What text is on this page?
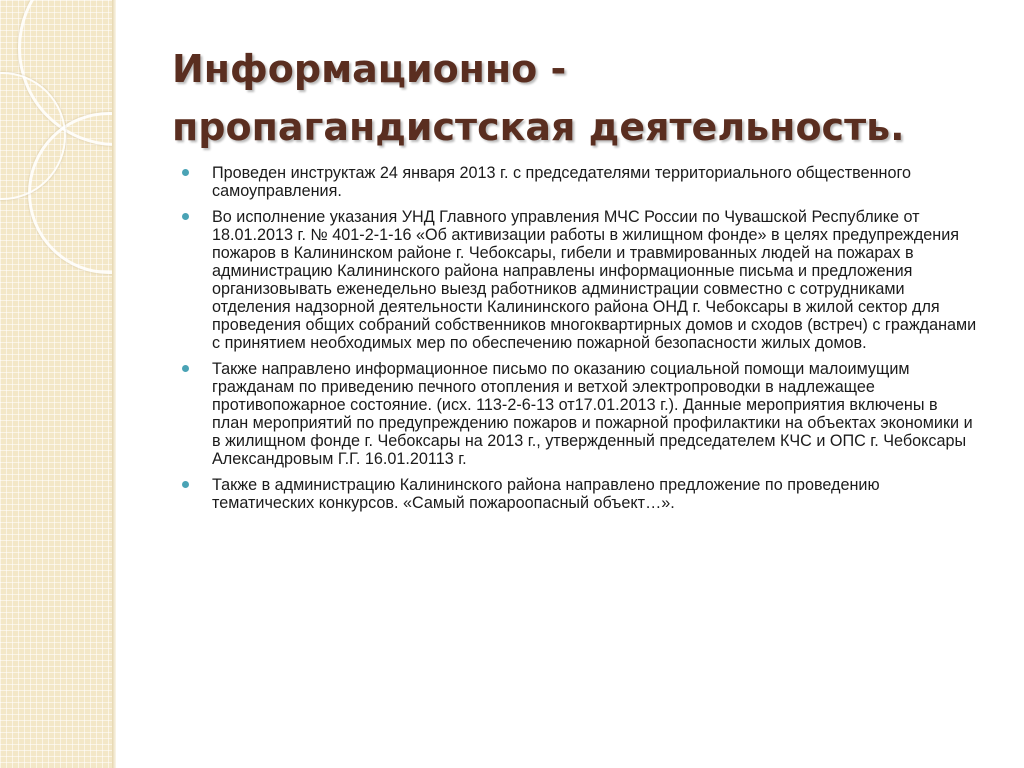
Информационно - пропагандистская деятельность.
Проведен инструктаж 24 января 2013 г. с председателями территориального общественного самоуправления.
Во исполнение указания УНД Главного управления МЧС России по Чувашской Республике от 18.01.2013 г. № 401-2-1-16 «Об активизации работы в жилищном фонде» в целях предупреждения пожаров в Калининском районе г. Чебоксары, гибели и травмированных людей на пожарах в администрацию Калининского района направлены информационные письма и предложения организовывать еженедельно выезд работников администрации совместно с сотрудниками отделения надзорной деятельности Калининского района ОНД г. Чебоксары в жилой сектор для проведения общих собраний собственников многоквартирных домов и сходов (встреч) с гражданами с принятием необходимых мер по обеспечению пожарной безопасности жилых домов.
Также направлено информационное письмо по оказанию социальной помощи малоимущим гражданам по приведению печного отопления и ветхой электропроводки в надлежащее противопожарное состояние. (исх. 113-2-6-13 от17.01.2013 г.). Данные мероприятия включены в план мероприятий по предупреждению пожаров и пожарной профилактики на объектах экономики и в жилищном фонде г. Чебоксары на 2013 г., утвержденный председателем КЧС и ОПС г. Чебоксары Александровым Г.Г. 16.01.20113 г.
Также в администрацию Калининского района направлено предложение по проведению тематических конкурсов. «Самый пожароопасный объект…».
